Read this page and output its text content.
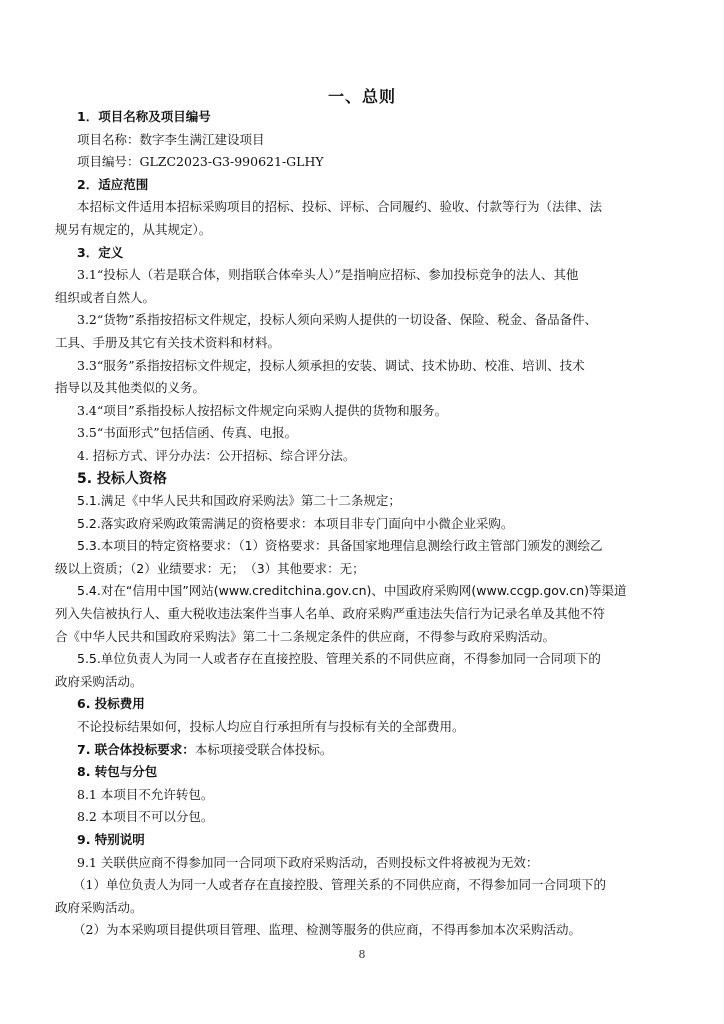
一、总则
1．项目名称及项目编号
项目名称：数字李生满江建设项目
项目编号：GLZC2023-G3-990621-GLHY
2．适应范围
本招标文件适用本招标采购项目的招标、投标、评标、合同履约、验收、付款等行为（法律、法
规另有规定的，从其规定）。
3．定义
3.1“投标人（若是联合体，则指联合体牵头人）”是指响应招标、参加投标竞争的法人、其他
组织或者自然人。
3.2“货物”系指按招标文件规定，投标人须向采购人提供的一切设备、保险、税金、备品备件、
工具、手册及其它有关技术资料和材料。
3.3“服务”系指按招标文件规定，投标人须承担的安装、调试、技术协助、校准、培训、技术
指导以及其他类似的义务。
3.4“项目”系指投标人按招标文件规定向采购人提供的货物和服务。
3.5“书面形式”包括信函、传真、电报。
4. 招标方式、评分办法：公开招标、综合评分法。
5. 投标人资格
5.1.满足《中华人民共和国政府采购法》第二十二条规定；
5.2.落实政府采购政策需满足的资格要求：本项目非专门面向中小微企业采购。
5.3.本项目的特定资格要求：（1）资格要求：具备国家地理信息测绘行政主管部门颁发的测绘乙
级以上资质；（2）业绩要求：无；　（3）其他要求：无；
5.4.对在“信用中国”网站(www.creditchina.gov.cn)、中国政府采购网(www.ccgp.gov.cn)等渠道
列入失信被执行人、重大税收违法案件当事人名单、政府采购严重违法失信行为记录名单及其他不符
合《中华人民共和国政府采购法》第二十二条规定条件的供应商，不得参与政府采购活动。
5.5.单位负责人为同一人或者存在直接控股、管理关系的不同供应商，不得参加同一合同项下的
政府采购活动。
6. 投标费用
不论投标结果如何，投标人均应自行承担所有与投标有关的全部费用。
7. 联合体投标要求：本标项接受联合体投标。
8. 转包与分包
8.1 本项目不允许转包。
8.2 本项目不可以分包。
9. 特别说明
9.1 关联供应商不得参加同一合同项下政府采购活动，否则投标文件将被视为无效：
（1）单位负责人为同一人或者存在直接控股、管理关系的不同供应商，不得参加同一合同项下的
政府采购活动。
（2）为本采购项目提供项目管理、监理、检测等服务的供应商，不得再参加本次采购活动。
8
